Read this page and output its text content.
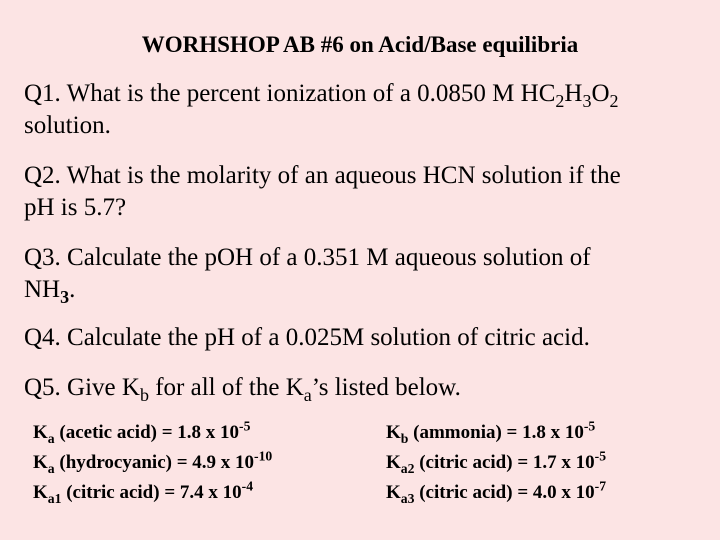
WORHSHOP AB #6 on Acid/Base equilibria
Q1. What is the percent ionization of a 0.0850 M $HC_2H_3O_2$
solution.
Q2. What is the molarity of an aqueous HCN solution if the
pH is 5.7?
Q3. Calculate the pOH of a 0.351 M aqueous solution of
$NH_3$.
Q4. Calculate the pH of a 0.025M solution of citric acid.
Q5. Give $K_b$ for all of the $K_a’s$ listed below.
$K_a$ (acetic acid) = 1.8 x $10^{-5}$
$K_a$ (hydrocyanic) = 4.9 x $10^{-10}$
$K_{a1}$ (citric acid) = 7.4 x $10^{-4}$
$K_b$ (ammonia) = 1.8 x $10^{-5}$
$K_{a2}$ (citric acid) = 1.7 x $10^{-5}$
$K_{a3}$ (citric acid) = 4.0 x $10^{-7}$
